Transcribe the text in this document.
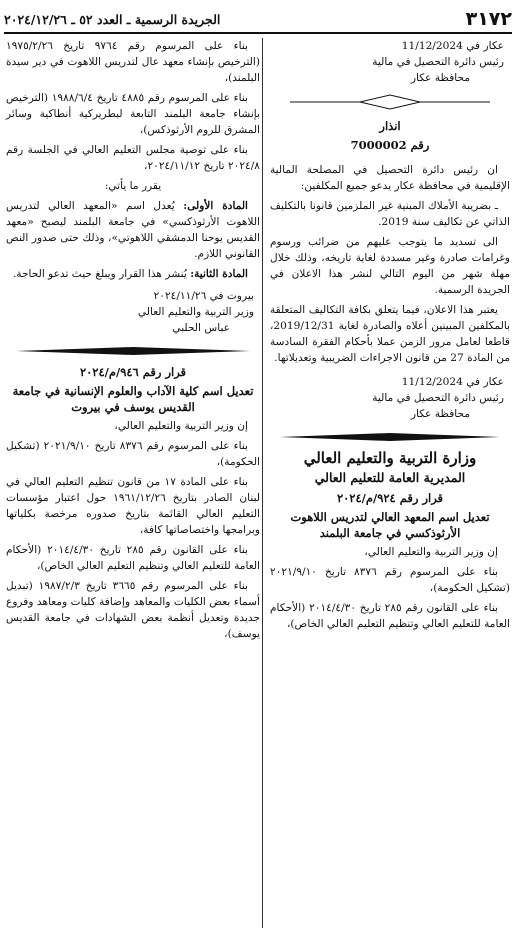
٣١٧٢
الجريدة الرسمية ـ العدد ٥٢ ـ ٢٠٢٤/١٢/٢٦

عكار في 11/12/2024

رئيس دائرة التحصيل في مالية

محافظة عكار

انذار

رقم 7000002

ان رئيس دائرة التحصيل في المصلحة المالية الإقليمية في محافظة عكار يدعو جميع المكلفين:

ـ بضريبة الأملاك المبنية غير الملزمين قانونا بالتكليف الذاتي عن تكاليف سنة 2019.

الى تسديد ما يتوجب عليهم من ضرائب ورسوم وغرامات صادرة وغير مسددة لغاية تاريخه، وذلك خلال مهلة شهر من اليوم التالي لنشر هذا الاعلان في الجريدة الرسمية.

يعتبر هذا الاعلان، فيما يتعلق بكافة التكاليف المتعلقة بالمكلفين المبينين أعلاه والصادرة لغاية 2019/12/31، قاطعا لعامل مرور الزمن عملا بأحكام الفقرة السادسة من المادة 27 من قانون الاجراءات الضريبية وتعديلاتها.

عكار في 11/12/2024

رئيس دائرة التحصيل في مالية

محافظة عكار

وزارة التربية والتعليم العالي

المديرية العامة للتعليم العالي

قرار رقم ٩٢٤/م/٢٠٢٤

تعديل اسم المعهد العالي لتدريس اللاهوت الأرثوذكسي في جامعة البلمند

إن وزير التربية والتعليم العالي،

بناء على المرسوم رقم ٨٣٧٦ تاريخ ٢٠٢١/٩/١٠ (تشكيل الحكومة)،

بناء على القانون رقم ٢٨٥ تاريخ ٢٠١٤/٤/٣٠ (الأحكام العامة للتعليم العالي وتنظيم التعليم العالي الخاص)،

بناء على المرسوم رقم ٩٧٦٤ تاريخ ١٩٧٥/٢/٢٦ (الترخيص بإنشاء معهد عال لتدريس اللاهوت في دير سيدة البلمند)،

بناء على المرسوم رقم ٤٨٨٥ تاريخ ١٩٨٨/٦/٤ (الترخيص بإنشاء جامعة البلمند التابعة لبطريركية أنطاكية وسائر المشرق للروم الأرثوذكس)،

بناء على توصية مجلس التعليم العالي في الجلسة رقم ٢٠٢٤/٨ تاريخ ٢٠٢٤/١١/١٢،

يقرر ما يأتي:

المادة الأولى: يُعدل اسم «المعهد العالي لتدريس اللاهوت الأرثوذكسي» في جامعة البلمند ليصبح «معهد القديس يوحنا الدمشقي اللاهوتي»، وذلك حتى صدور النص القانوني اللازم.

المادة الثانية: يُنشر هذا القرار ويبلغ حيث تدعو الحاجة.

بيروت في ٢٠٢٤/١١/٢٦

وزير التربية والتعليم العالي

عباس الحلبي

قرار رقم ٩٤٦/م/٢٠٢٤

تعديل اسم كلية الآداب والعلوم الإنسانية في جامعة القديس يوسف في بيروت

إن وزير التربية والتعليم العالي،

بناء على المرسوم رقم ٨٣٧٦ تاريخ ٢٠٢١/٩/١٠ (تشكيل الحكومة)،

بناء على المادة ١٧ من قانون تنظيم التعليم العالي في لبنان الصادر بتاريخ ١٩٦١/١٢/٢٦ حول اعتبار مؤسسات التعليم العالي القائمة بتاريخ صدوره مرخصة بكلياتها وبرامجها واختصاصاتها كافة،

بناء على القانون رقم ٢٨٥ تاريخ ٢٠١٤/٤/٣٠ (الأحكام العامة للتعليم العالي وتنظيم التعليم العالي الخاص)،

بناء على المرسوم رقم ٣٦٦٥ تاريخ ١٩٨٧/٢/٣ (تبديل أسماء بعض الكليات والمعاهد وإضافة كليات ومعاهد وفروع جديدة وتعديل أنظمة بعض الشهادات في جامعة القديس يوسف)،
